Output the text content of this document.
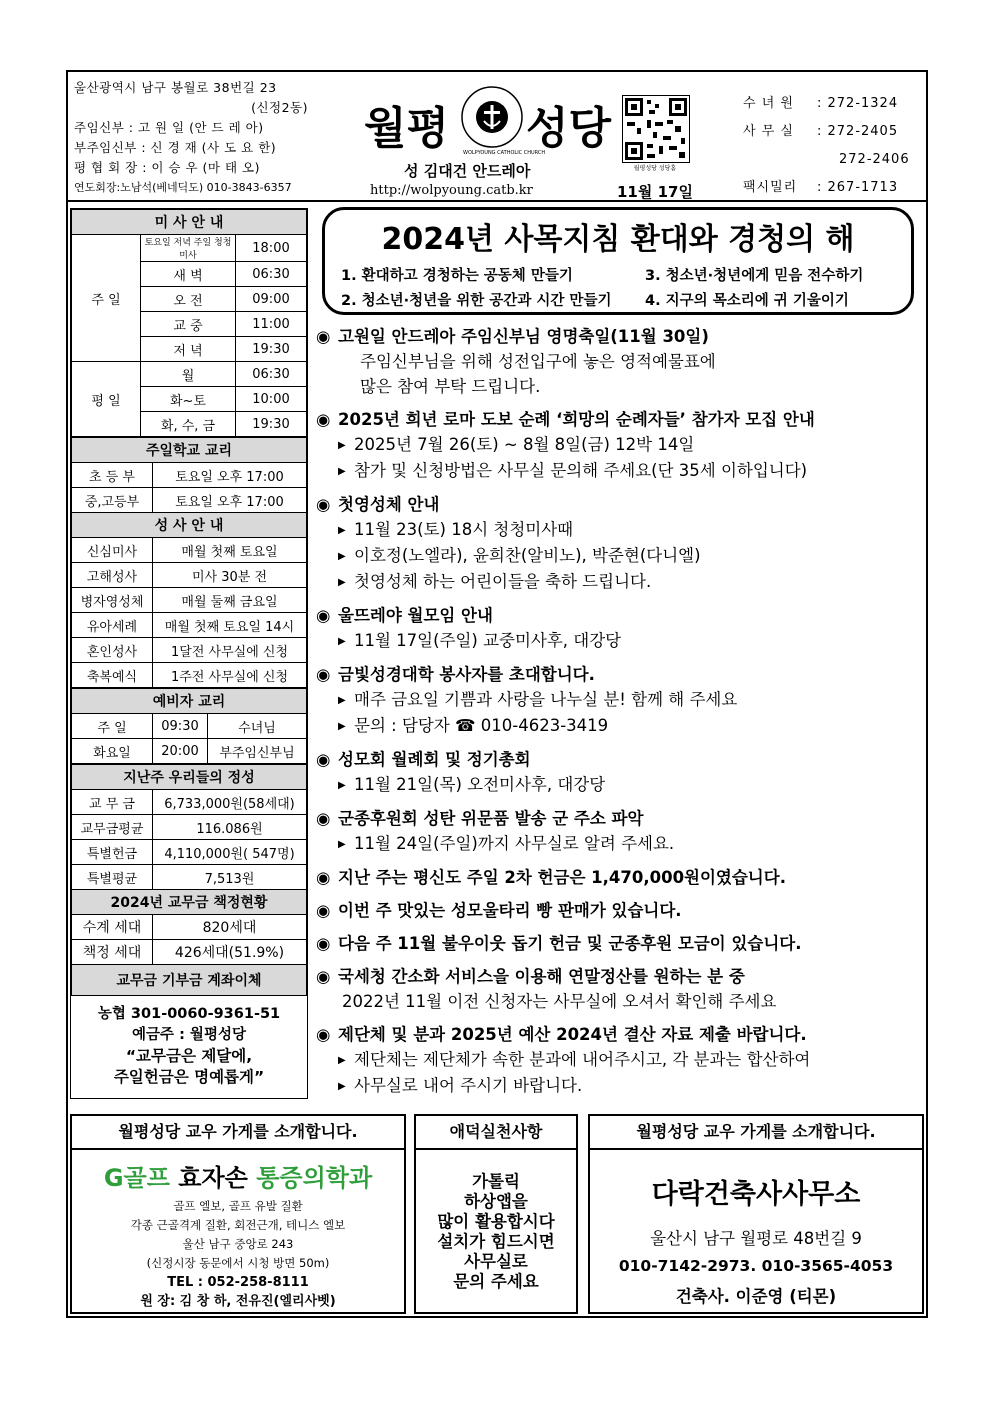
울산광역시 남구 봉월로 38번길 23
(신정2동)
주임신부 : 고 원 일 (안 드 레 아)
부주임신부 : 신 경 재 (사 도 요 한)
평 협 회 장 : 이 승 우 (마 태 오)
연도회장:노남석(베네딕도) 010-3843-6357
월평	WOLPYOUNG CATHOLIC CHURCH
성당
성 김대건 안드레아
http://wolpyoung.catb.kr	11월 17일
월평성당 성당홈
수 녀 원 : 272-1324
사 무 실 : 272-2405
272-2406
팩시밀리 : 267-1713
미 사 안 내		
주 일	토요일 저녁 주일 청청미사	18:00
	새 벽	06:30
	오 전	09:00
	교 중	11:00
	저 녁	19:30
평 일	월	06:30
	화~토	10:00
	화, 수, 금	19:30
주일학교 교리	
초 등 부	토요일 오후 17:00
중,고등부	토요일 오후 17:00
성 사 안 내	
신심미사	매월 첫째 토요일
고해성사	미사 30분 전
병자영성체	매월 둘째 금요일
유아세례	매월 첫째 토요일 14시
혼인성사	1달전 사무실에 신청
축복예식	1주전 사무실에 신청
예비자 교리		
주 일	09:30	수녀님
화요일	20:00	부주임신부님
지난주 우리들의 정성	
교 무 금	6,733,000원(58세대)
교무금평균	116.086원
특별헌금	4,110,000원( 547명)
특별평균	7,513원
2024년 교무금 책정현황	
수계 세대	820세대
책정 세대	426세대(51.9%)
교무금 기부금 계좌이체	
농협 301-0060-9361-51
예금주 : 월평성당
“교무금은 제달에,
주일헌금은 명예롭게”
2024년 사목지침 환대와 경청의 해
1. 환대하고 경청하는 공동체 만들기
2. 청소년·청년을 위한 공간과 시간 만들기
3. 청소년·청년에게 믿음 전수하기
4. 지구의 목소리에 귀 기울이기
◉ 고원일 안드레아 주임신부님 영명축일(11월 30일)
주임신부님을 위해 성전입구에 놓은 영적예물표에
많은 참여 부탁 드립니다.
◉ 2025년 희년 로마 도보 순례 ‘희망의 순례자들’ 참가자 모집 안내
▶ 2025년 7월 26(토) ~ 8월 8일(금) 12박 14일
▶ 참가 및 신청방법은 사무실 문의해 주세요(단 35세 이하입니다)
◉ 첫영성체 안내
▶ 11월 23(토) 18시 청청미사때
▶ 이호정(노엘라), 윤희찬(알비노), 박준현(다니엘)
▶ 첫영성체 하는 어린이들을 축하 드립니다.
◉ 울뜨레야 월모임 안내
▶ 11월 17일(주일) 교중미사후, 대강당
◉ 금빛성경대학 봉사자를 초대합니다.
▶ 매주 금요일 기쁨과 사랑을 나누실 분! 함께 해 주세요
▶ 문의 : 담당자 ☎ 010-4623-3419
◉ 성모회 월례회 및 정기총회
▶ 11월 21일(목) 오전미사후, 대강당
◉ 군종후원회 성탄 위문품 발송 군 주소 파악
▶ 11월 24일(주일)까지 사무실로 알려 주세요.
◉ 지난 주는 평신도 주일 2차 헌금은 1,470,000원이였습니다.
◉ 이번 주 맛있는 성모울타리 빵 판매가 있습니다.
◉ 다음 주 11월 불우이웃 돕기 헌금 및 군종후원 모금이 있습니다.
◉ 국세청 간소화 서비스을 이용해 연말정산를 원하는 분 중
2022년 11월 이전 신청자는 사무실에 오셔서 확인해 주세요
◉ 제단체 및 분과 2025년 예산 2024년 결산 자료 제출 바랍니다.
▶ 제단체는 제단체가 속한 분과에 내어주시고, 각 분과는 합산하여
▶ 사무실로 내어 주시기 바랍니다.
월평성당 교우 가게를 소개합니다.
G골프 효자손 통증의학과
골프 엘보, 골프 유발 질환
각종 근골격계 질환, 회전근개, 테니스 엘보
울산 남구 중앙로 243
(신정시장 동문에서 시청 방면 50m)
TEL : 052-258-8111
원 장: 김 창 하, 전유진(엘리사벳)
애덕실천사항
가톨릭
하상앱을
많이 활용합시다
설치가 힘드시면
사무실로
문의 주세요
월평성당 교우 가게를 소개합니다.
다락건축사사무소
울산시 남구 월평로 48번길 9
010-7142-2973. 010-3565-4053
건축사. 이준영 (티몬)
